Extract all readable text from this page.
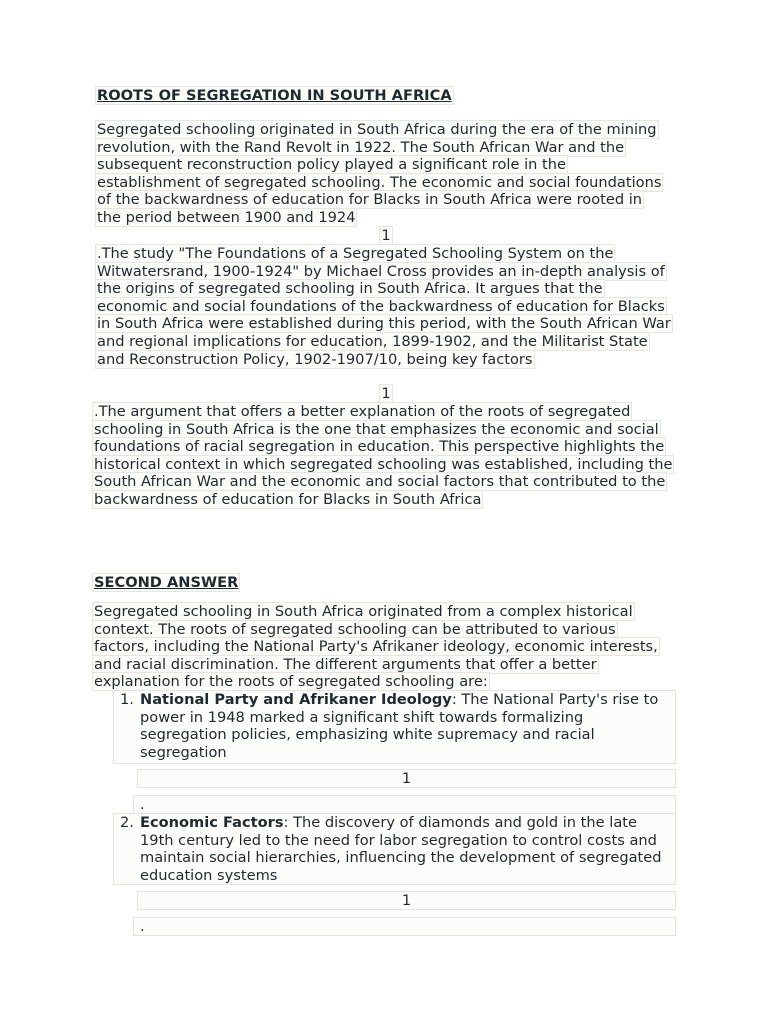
ROOTS OF SEGREGATION IN SOUTH AFRICA
Segregated schooling originated in South Africa during the era of the mining revolution, with the Rand Revolt in 1922. The South African War and the subsequent reconstruction policy played a significant role in the establishment of segregated schooling. The economic and social foundations of the backwardness of education for Blacks in South Africa were rooted in the period between 1900 and 1924
1
.The study "The Foundations of a Segregated Schooling System on the Witwatersrand, 1900-1924" by Michael Cross provides an in-depth analysis of the origins of segregated schooling in South Africa. It argues that the economic and social foundations of the backwardness of education for Blacks in South Africa were established during this period, with the South African War and regional implications for education, 1899-1902, and the Militarist State and Reconstruction Policy, 1902-1907/10, being key factors
1
.The argument that offers a better explanation of the roots of segregated schooling in South Africa is the one that emphasizes the economic and social foundations of racial segregation in education. This perspective highlights the historical context in which segregated schooling was established, including the South African War and the economic and social factors that contributed to the backwardness of education for Blacks in South Africa
SECOND ANSWER
Segregated schooling in South Africa originated from a complex historical context. The roots of segregated schooling can be attributed to various factors, including the National Party's Afrikaner ideology, economic interests, and racial discrimination. The different arguments that offer a better explanation for the roots of segregated schooling are:
1. National Party and Afrikaner Ideology: The National Party's rise to power in 1948 marked a significant shift towards formalizing segregation policies, emphasizing white supremacy and racial segregation
1
.
2. Economic Factors: The discovery of diamonds and gold in the late 19th century led to the need for labor segregation to control costs and maintain social hierarchies, influencing the development of segregated education systems
1
.
